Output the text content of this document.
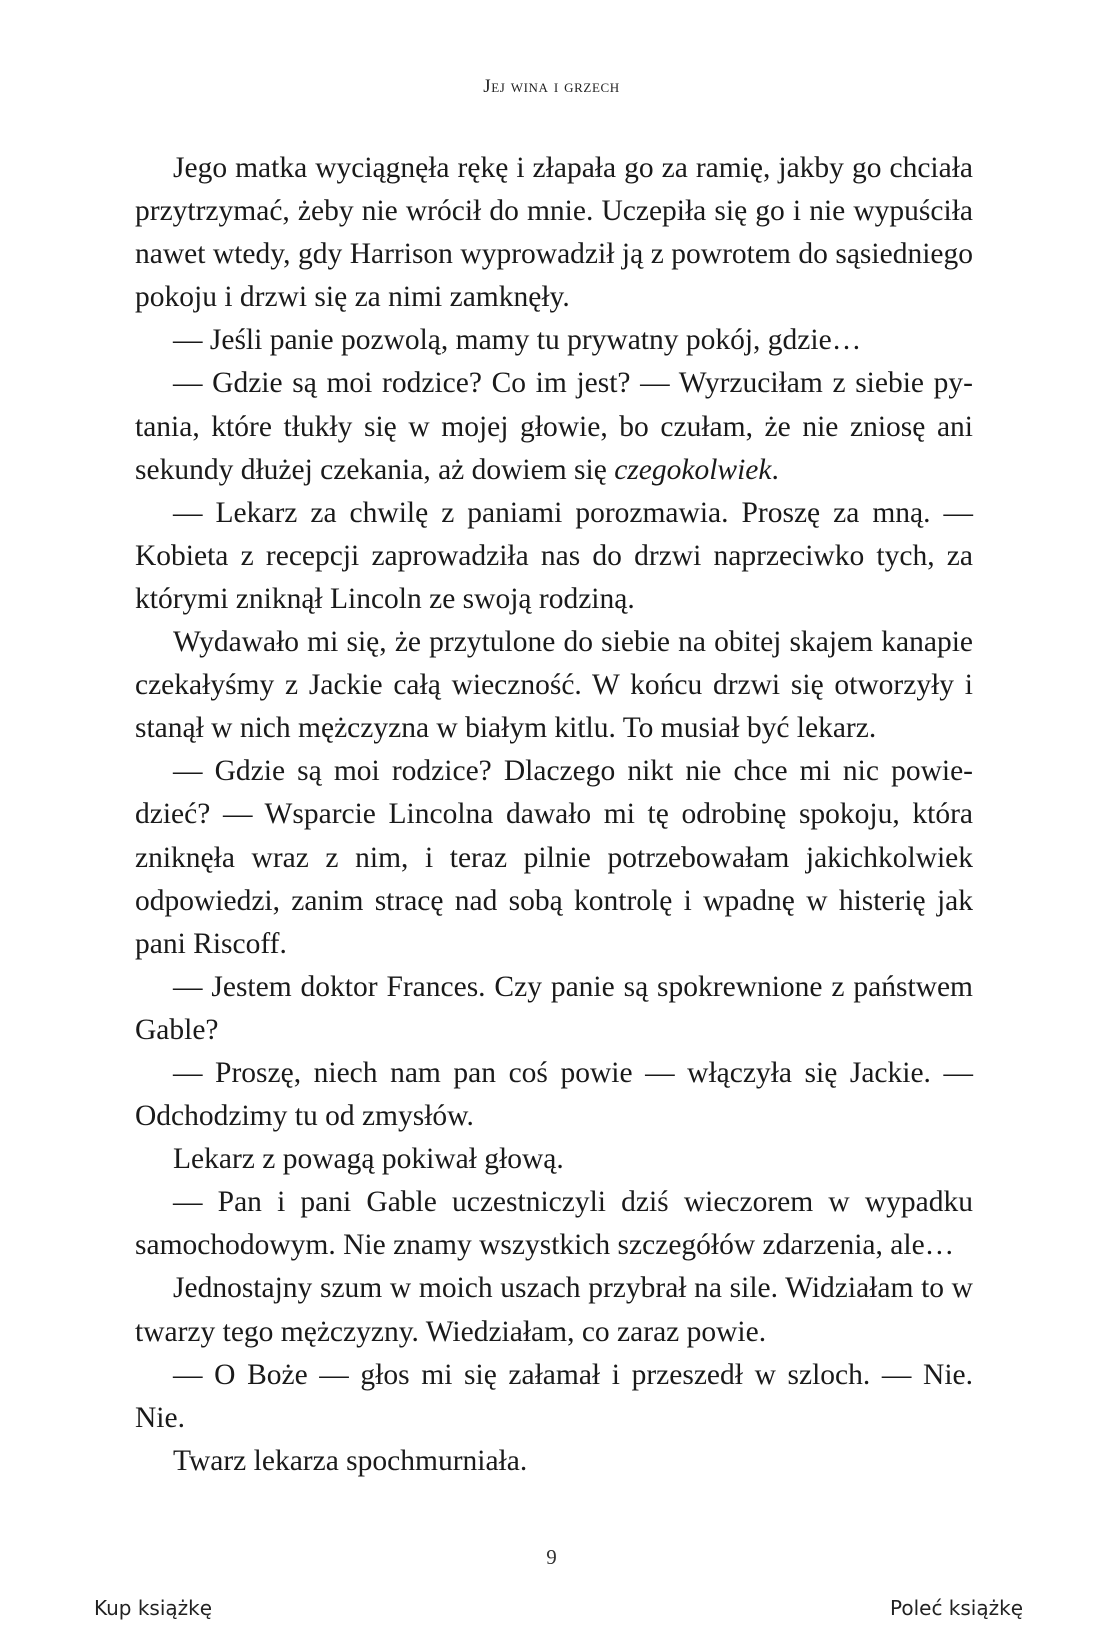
Jej wina i grzech

Jego matka wyciągnęła rękę i złapała go za ramię, jakby go chciała przytrzymać, żeby nie wrócił do mnie. Uczepiła się go i nie wypuściła nawet wtedy, gdy Harrison wyprowadził ją z powrotem do sąsiedniego pokoju i drzwi się za nimi zamknęły.

— Jeśli panie pozwolą, mamy tu prywatny pokój, gdzie…

— Gdzie są moi rodzice? Co im jest? — Wyrzuciłam z siebie pytania, które tłukły się w mojej głowie, bo czułam, że nie zniosę ani sekundy dłużej czekania, aż dowiem się czegokolwiek.

— Lekarz za chwilę z paniami porozmawia. Proszę za mną. — Kobieta z recepcji zaprowadziła nas do drzwi naprzeciwko tych, za którymi zniknął Lincoln ze swoją rodziną.

Wydawało mi się, że przytulone do siebie na obitej skajem kanapie czekałyśmy z Jackie całą wieczność. W końcu drzwi się otworzyły i stanął w nich mężczyzna w białym kitlu. To musiał być lekarz.

— Gdzie są moi rodzice? Dlaczego nikt nie chce mi nic powiedzieć? — Wsparcie Lincolna dawało mi tę odrobinę spokoju, która zniknęła wraz z nim, i teraz pilnie potrzebowałam jakichkolwiek odpowiedzi, zanim stracę nad sobą kontrolę i wpadnę w histerię jak pani Riscoff.

— Jestem doktor Frances. Czy panie są spokrewnione z państwem Gable?

— Proszę, niech nam pan coś powie — włączyła się Jackie. — Odchodzimy tu od zmysłów.

Lekarz z powagą pokiwał głową.

— Pan i pani Gable uczestniczyli dziś wieczorem w wypadku samochodowym. Nie znamy wszystkich szczegółów zdarzenia, ale…

Jednostajny szum w moich uszach przybrał na sile. Widziałam to w twarzy tego mężczyzny. Wiedziałam, co zaraz powie.

— O Boże — głos mi się załamał i przeszedł w szloch. — Nie. Nie.

Twarz lekarza spochmurniała.

9
Kup książkę	Poleć książkę
